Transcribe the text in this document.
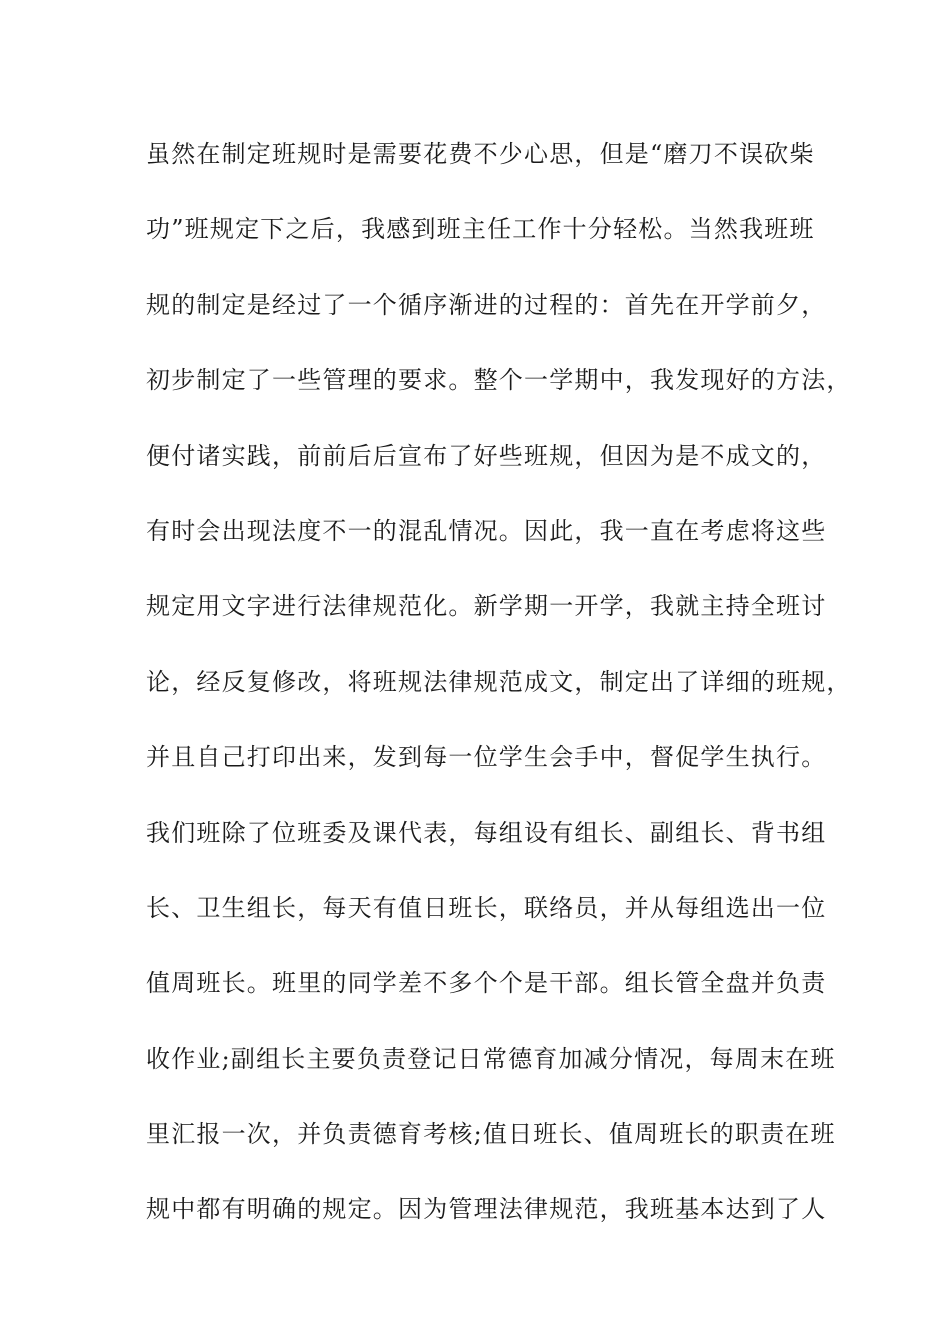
虽然在制定班规时是需要花费不少心思，但是“磨刀不误砍柴
功”班规定下之后，我感到班主任工作十分轻松。当然我班班
规的制定是经过了一个循序渐进的过程的：首先在开学前夕，
初步制定了一些管理的要求。整个一学期中，我发现好的方法，
便付诸实践，前前后后宣布了好些班规，但因为是不成文的，
有时会出现法度不一的混乱情况。因此，我一直在考虑将这些
规定用文字进行法律规范化。新学期一开学，我就主持全班讨
论，经反复修改，将班规法律规范成文，制定出了详细的班规，
并且自己打印出来，发到每一位学生会手中，督促学生执行。
我们班除了位班委及课代表，每组设有组长、副组长、背书组
长、卫生组长，每天有值日班长，联络员，并从每组选出一位
值周班长。班里的同学差不多个个是干部。组长管全盘并负责
收作业;副组长主要负责登记日常德育加减分情况，每周末在班
里汇报一次，并负责德育考核;值日班长、值周班长的职责在班
规中都有明确的规定。因为管理法律规范，我班基本达到了人
